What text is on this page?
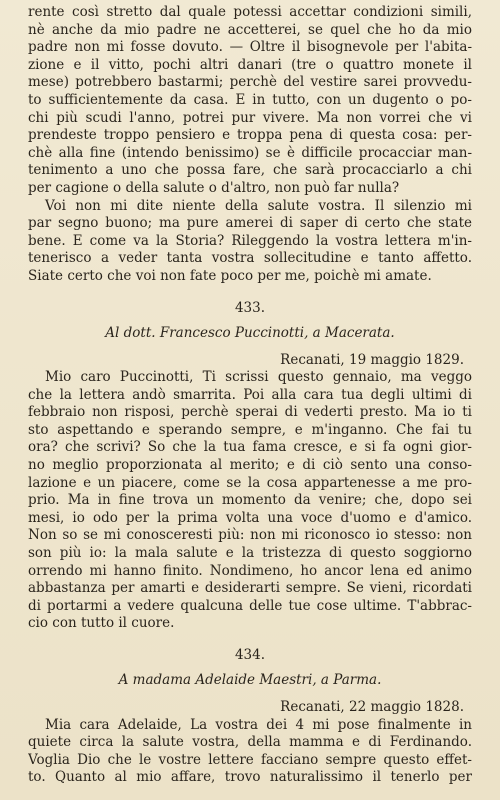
rente così stretto dal quale potessi accettar condizioni simili,
nè anche da mio padre ne accetterei, se quel che ho da mio
padre non mi fosse dovuto. — Oltre il bisognevole per l'abita-
zione e il vitto, pochi altri danari (tre o quattro monete il
mese) potrebbero bastarmi; perchè del vestire sarei provvedu-
to sufficientemente da casa. E in tutto, con un dugento o po-
chi più scudi l'anno, potrei pur vivere. Ma non vorrei che vi
prendeste troppo pensiero e troppa pena di questa cosa: per-
chè alla fine (intendo benissimo) se è difficile procacciar man-
tenimento a uno che possa fare, che sarà procacciarlo a chi
per cagione o della salute o d'altro, non può far nulla?
Voi non mi dite niente della salute vostra. Il silenzio mi
par segno buono; ma pure amerei di saper di certo che state
bene. E come va la Storia? Rileggendo la vostra lettera m'in-
tenerisco a veder tanta vostra sollecitudine e tanto affetto.
Siate certo che voi non fate poco per me, poichè mi amate.
433.
Al dott. Francesco Puccinotti, a Macerata.
Recanati, 19 maggio 1829.
Mio caro Puccinotti, Ti scrissi questo gennaio, ma veggo
che la lettera andò smarrita. Poi alla cara tua degli ultimi di
febbraio non risposi, perchè sperai di vederti presto. Ma io ti
sto aspettando e sperando sempre, e m'inganno. Che fai tu
ora? che scrivi? So che la tua fama cresce, e si fa ogni gior-
no meglio proporzionata al merito; e di ciò sento una conso-
lazione e un piacere, come se la cosa appartenesse a me pro-
prio. Ma in fine trova un momento da venire; che, dopo sei
mesi, io odo per la prima volta una voce d'uomo e d'amico.
Non so se mi conosceresti più: non mi riconosco io stesso: non
son più io: la mala salute e la tristezza di questo soggiorno
orrendo mi hanno finito. Nondimeno, ho ancor lena ed animo
abbastanza per amarti e desiderarti sempre. Se vieni, ricordati
di portarmi a vedere qualcuna delle tue cose ultime. T'abbrac-
cio con tutto il cuore.
434.
A madama Adelaide Maestri, a Parma.
Recanati, 22 maggio 1828.
Mia cara Adelaide, La vostra dei 4 mi pose finalmente in
quiete circa la salute vostra, della mamma e di Ferdinando.
Voglia Dio che le vostre lettere facciano sempre questo effet-
to. Quanto al mio affare, trovo naturalissimo il tenerlo per
